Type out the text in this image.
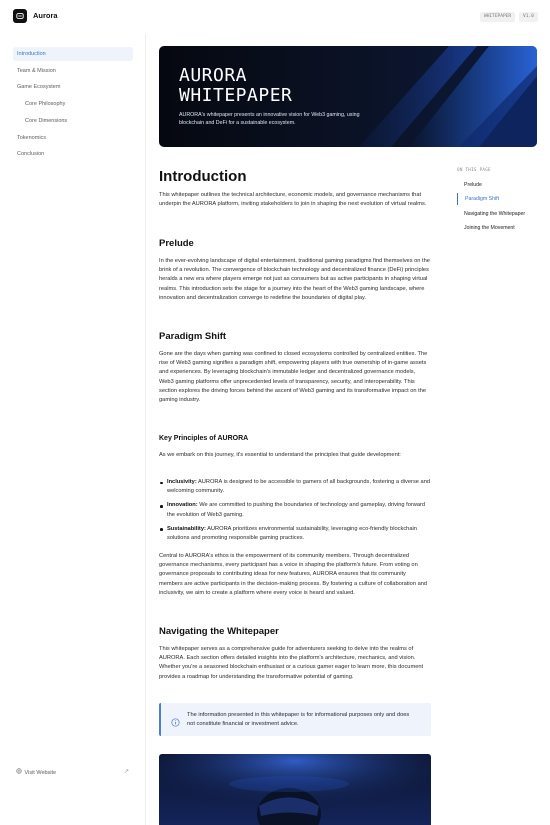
Aurora	WHITEPAPER	V1.0
Introduction
Team & Mission
Game Ecosystem
Core Philosophy
Core Dimensions
Tokenomics
Conclusion
Visit Website	↗
AURORA
WHITEPAPER
AURORA's whitepaper presents an innovative vision for Web3 gaming, using blockchain and DeFi for a sustainable ecosystem.
Introduction
This whitepaper outlines the technical architecture, economic models, and governance mechanisms that underpin the AURORA platform, inviting stakeholders to join in shaping the next evolution of virtual realms.
Prelude
In the ever-evolving landscape of digital entertainment, traditional gaming paradigms find themselves on the brink of a revolution. The convergence of blockchain technology and decentralized finance (DeFi) principles heralds a new era where players emerge not just as consumers but as active participants in shaping virtual realms. This introduction sets the stage for a journey into the heart of the Web3 gaming landscape, where innovation and decentralization converge to redefine the boundaries of digital play.
Paradigm Shift
Gone are the days when gaming was confined to closed ecosystems controlled by centralized entities. The rise of Web3 gaming signifies a paradigm shift, empowering players with true ownership of in-game assets and experiences. By leveraging blockchain's immutable ledger and decentralized governance models, Web3 gaming platforms offer unprecedented levels of transparency, security, and interoperability. This section explores the driving forces behind the ascent of Web3 gaming and its transformative impact on the gaming industry.
Key Principles of AURORA
As we embark on this journey, it's essential to understand the principles that guide development:
Inclusivity: AURORA is designed to be accessible to gamers of all backgrounds, fostering a diverse and welcoming community.
Innovation: We are committed to pushing the boundaries of technology and gameplay, driving forward the evolution of Web3 gaming.
Sustainability: AURORA prioritizes environmental sustainability, leveraging eco-friendly blockchain solutions and promoting responsible gaming practices.
Central to AURORA's ethos is the empowerment of its community members. Through decentralized governance mechanisms, every participant has a voice in shaping the platform's future. From voting on governance proposals to contributing ideas for new features, AURORA ensures that its community members are active participants in the decision-making process. By fostering a culture of collaboration and inclusivity, we aim to create a platform where every voice is heard and valued.
Navigating the Whitepaper
This whitepaper serves as a comprehensive guide for adventurers seeking to delve into the realms of AURORA. Each section offers detailed insights into the platform's architecture, mechanics, and vision. Whether you're a seasoned blockchain enthusiast or a curious gamer eager to learn more, this document provides a roadmap for understanding the transformative potential of gaming.
The information presented in this whitepaper is for informational purposes only and does not constitute financial or investment advice.
ON THIS PAGE
Prelude
Paradigm Shift
Navigating the Whitepaper
Joining the Movement
